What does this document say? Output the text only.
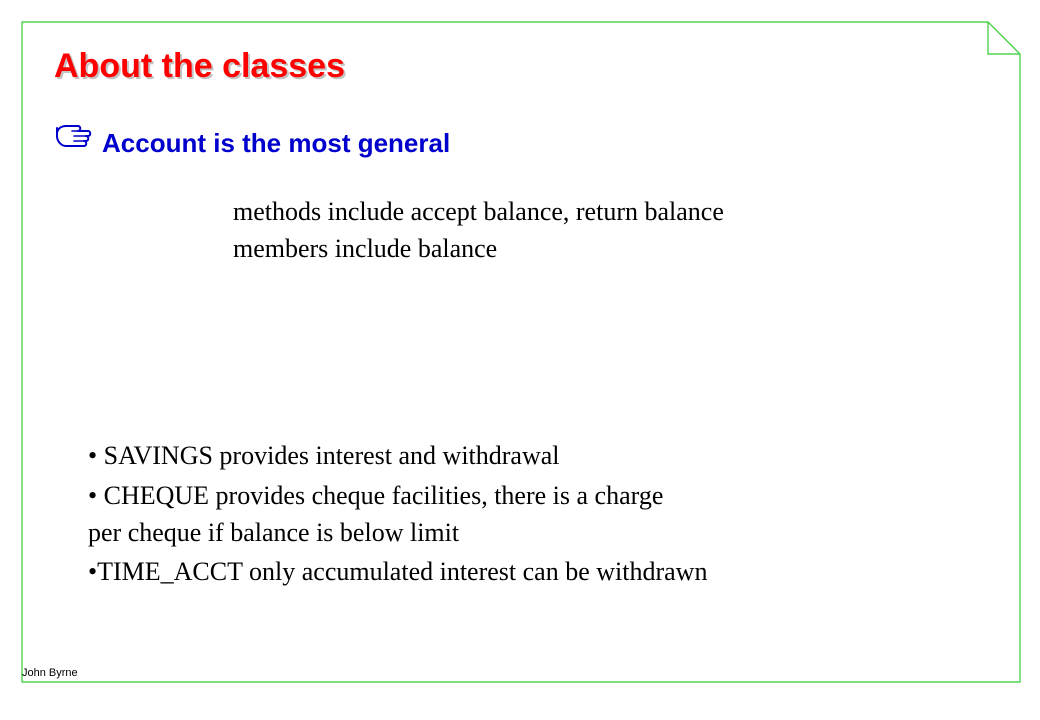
About the classes
Account is the most general

methods include accept balance, return balance

members include balance

• SAVINGS provides interest and withdrawal

• CHEQUE provides cheque facilities, there is a charge

per cheque if balance is below limit

•TIME_ACCT only accumulated interest can be withdrawn

John Byrne
